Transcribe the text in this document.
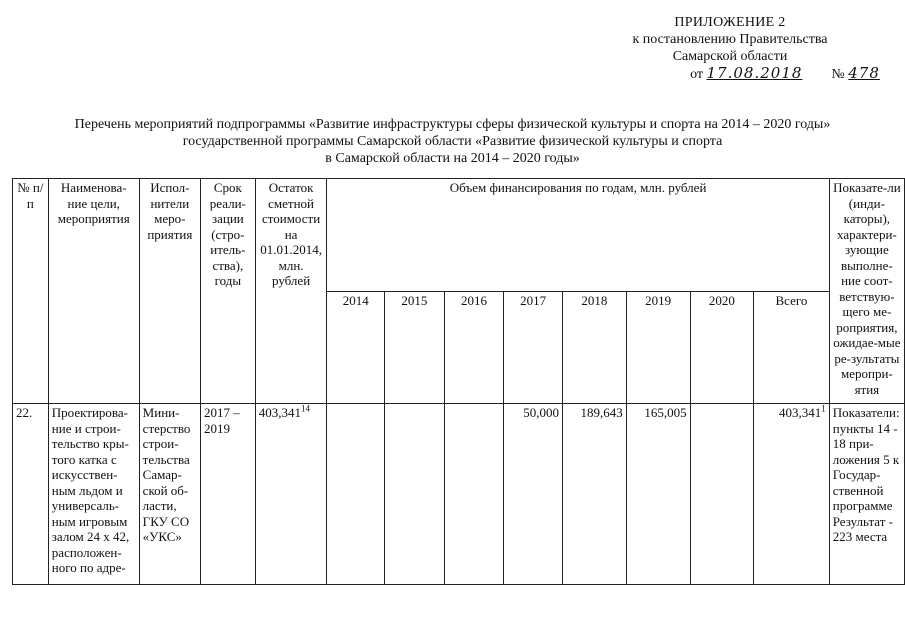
ПРИЛОЖЕНИЕ 2
к постановлению Правительства
Самарской области
от 17.08.2018 № 478
Перечень мероприятий подпрограммы «Развитие инфраструктуры сферы физической культуры и спорта на 2014 – 2020 годы»
государственной программы Самарской области «Развитие физической культуры и спорта
в Самарской области на 2014 – 2020 годы»
№ п/п	Наименова-ние цели, мероприятия	Испол-нители меро-приятия	Срок реали-зации (стро-итель-ства), годы	Остаток сметной стоимости на 01.01.2014, млн. рублей	Объем финансирования по годам, млн. рублей								Показате-ли (инди-каторы), характери-зующие выполне-ние соот-ветствую-щего ме-роприятия, ожидае-мые ре-зультаты меропри-ятия
					2014	2015	2016	2017	2018	2019	2020	Всего	
22.	Проектирова-ние и строи-тельство кры-того катка с искусствен-ным льдом и универсаль-ным игровым залом 24 х 42, расположен-ного по адре-	Мини-стерство строи-тельства Самар-ской об-ласти, ГКУ СО «УКС»	2017 – 2019	403,341$^{14}$				50,000	189,643	165,005		403,341$^1$	Показатели: пункты 14 - 18 при-ложения 5 к Государ-ственной программе Результат - 223 места
